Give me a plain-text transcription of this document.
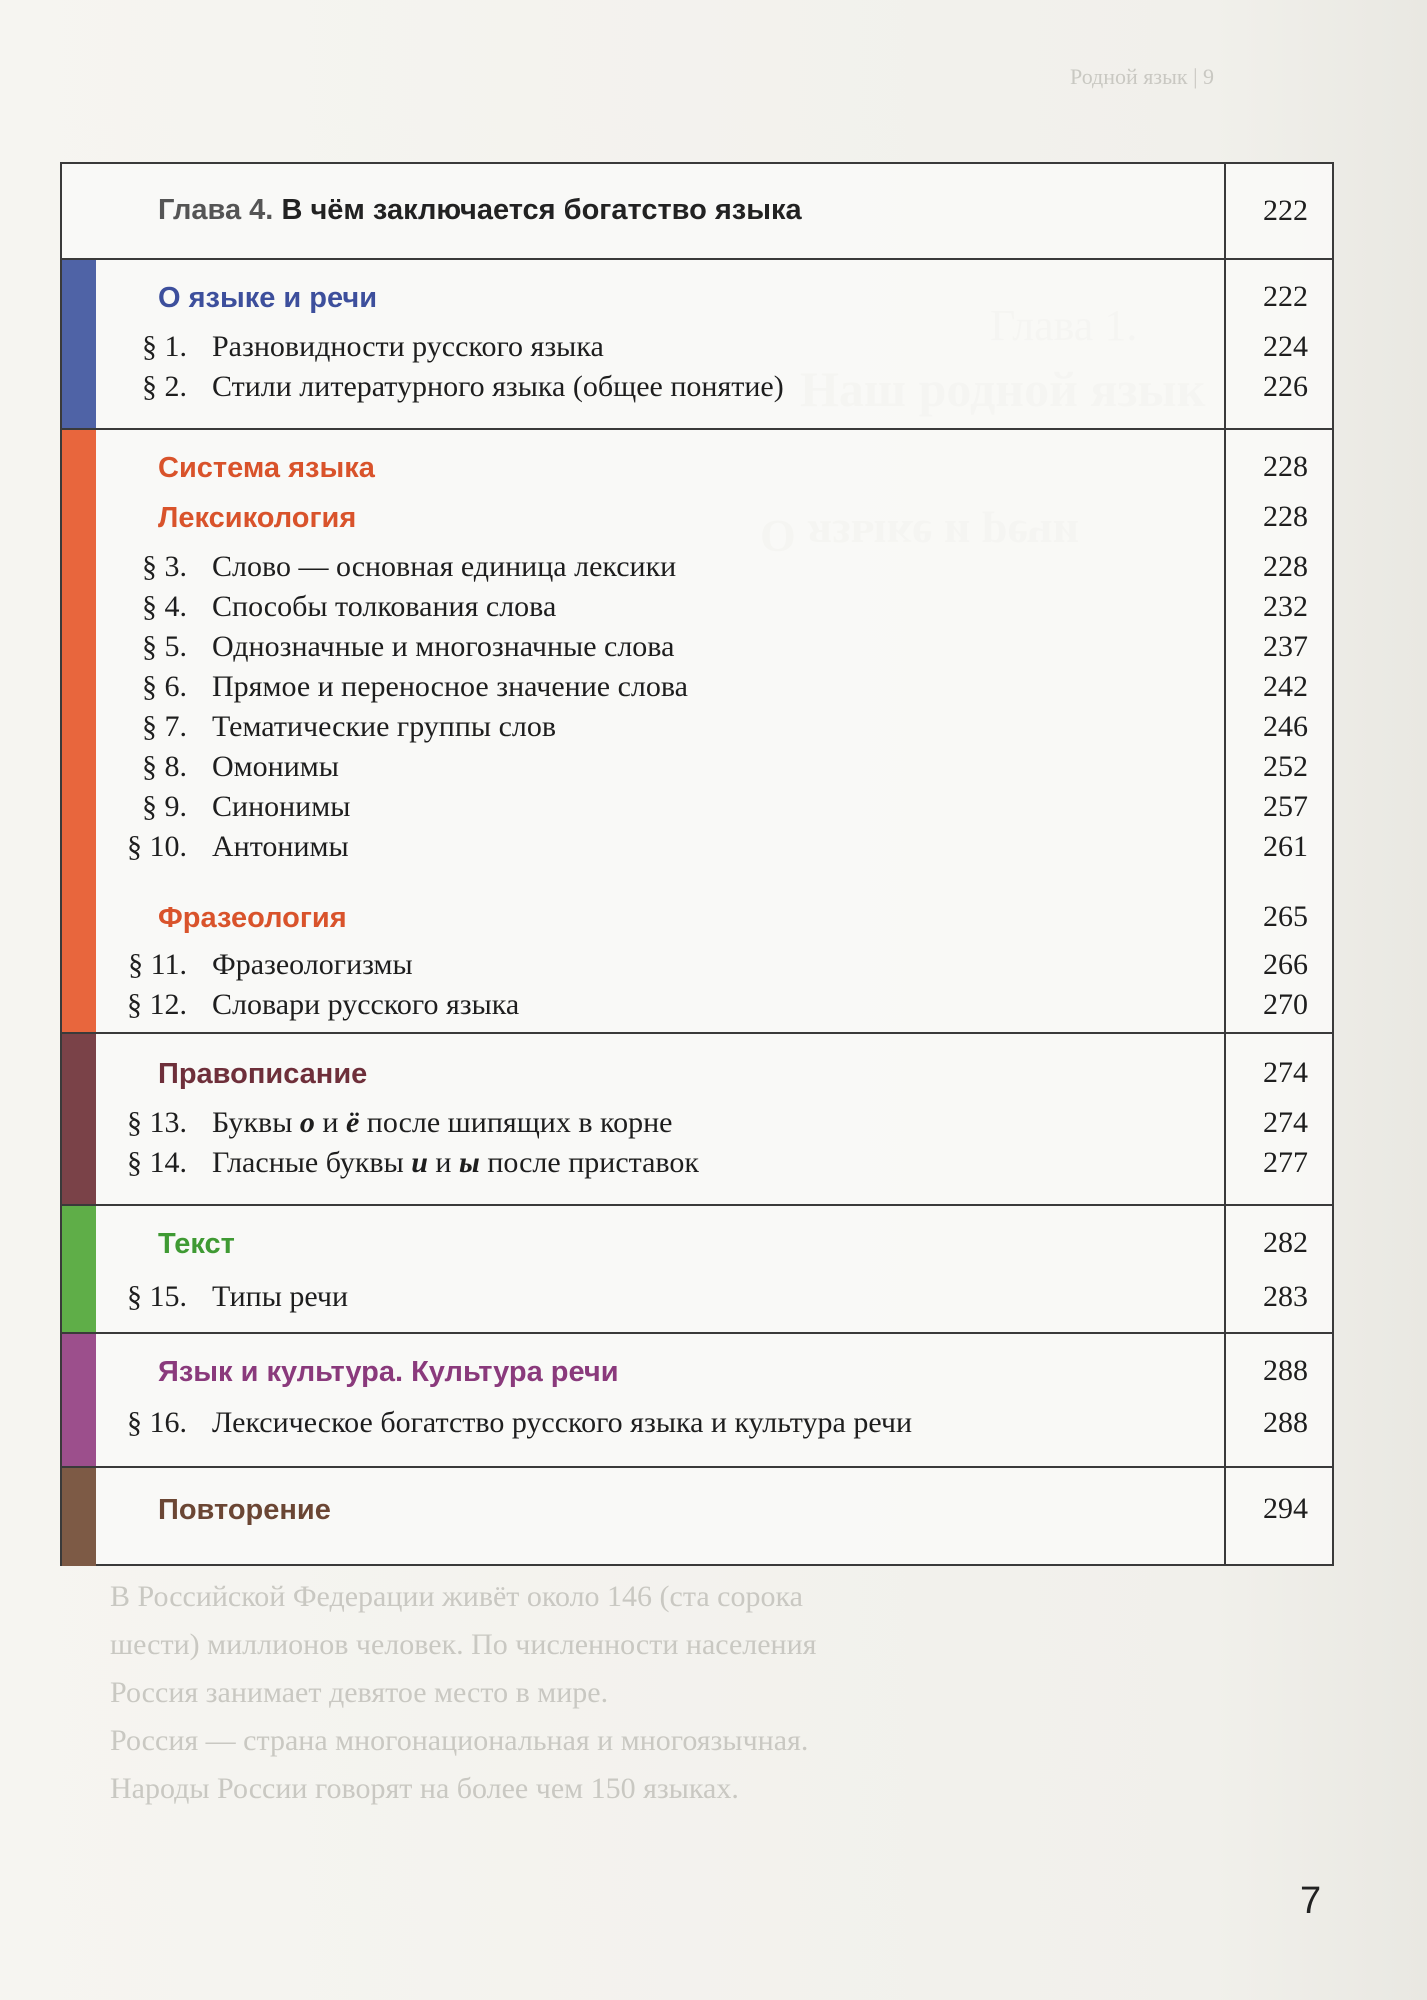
Родной язык | 9
В Российской Федерации живёт около 146 (ста сорока
шести) миллионов человек. По численности населения
Россия занимает девятое место в мире.
Россия — страна многонациональная и многоязычная.
Народы России говорят на более чем 150 языках.
Глава 4. В чём заключается богатство языка	222
О языке и речи	222
§ 1. Разновидности русского языка	224
§ 2. Стили литературного языка (общее понятие)	226
Система языка	228
Лексикология	228
§ 3. Слово — основная единица лексики	228
§ 4. Способы толкования слова	232
§ 5. Однозначные и многозначные слова	237
§ 6. Прямое и переносное значение слова	242
§ 7. Тематические группы слов	246
§ 8. Омонимы	252
§ 9. Синонимы	257
§ 10. Антонимы	261
Фразеология	265
§ 11. Фразеологизмы	266
§ 12. Словари русского языка	270
Правописание	274
§ 13. Буквы о и ё после шипящих в корне	274
§ 14. Гласные буквы и и ы после приставок	277
Текст	282
§ 15. Типы речи	283
Язык и культура. Культура речи	288
§ 16. Лексическое богатство русского языка и культура речи	288
Повторение	294
7
